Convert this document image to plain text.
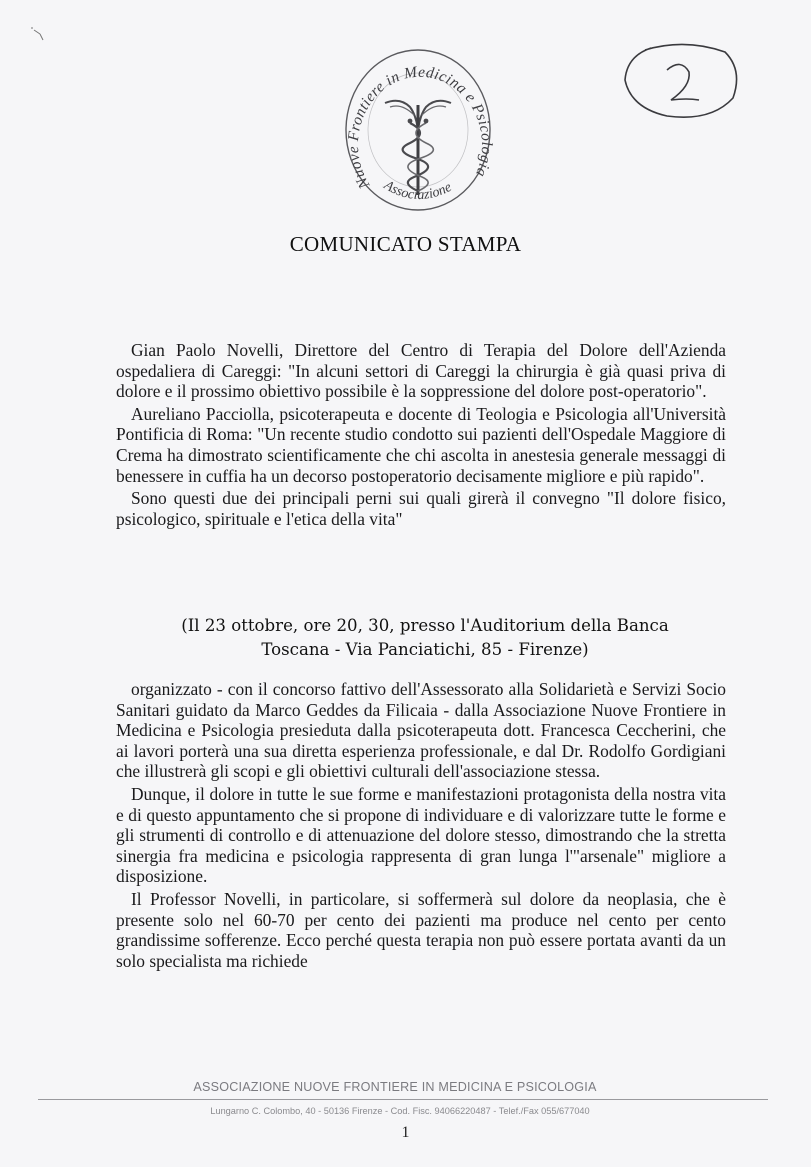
Nuove Frontiere in Medicina e Psicologia
Associazione
COMUNICATO STAMPA

Gian Paolo Novelli, Direttore del Centro di Terapia del Dolore dell'Azienda ospedaliera di Careggi: "In alcuni settori di Careggi la chirurgia è già quasi priva di dolore e il prossimo obiettivo possibile è la soppressione del dolore post-operatorio".

Aureliano Pacciolla, psicoterapeuta e docente di Teologia e Psicologia all'Università Pontificia di Roma: "Un recente studio condotto sui pazienti dell'Ospedale Maggiore di Crema ha dimostrato scientificamente che chi ascolta in anestesia generale messaggi di benessere in cuffia ha un decorso postoperatorio decisamente migliore e più rapido".

Sono questi due dei principali perni sui quali girerà il convegno "Il dolore fisico, psicologico, spirituale e l'etica della vita"

(Il 23 ottobre, ore 20, 30, presso l'Auditorium della Banca
Toscana - Via Panciatichi, 85 - Firenze)

organizzato - con il concorso fattivo dell'Assessorato alla Solidarietà e Servizi Socio Sanitari guidato da Marco Geddes da Filicaia - dalla Associazione Nuove Frontiere in Medicina e Psicologia presieduta dalla psicoterapeuta dott. Francesca Ceccherini, che ai lavori porterà una sua diretta esperienza professionale, e dal Dr. Rodolfo Gordigiani che illustrerà gli scopi e gli obiettivi culturali dell'associazione stessa.

Dunque, il dolore in tutte le sue forme e manifestazioni protagonista della nostra vita e di questo appuntamento che si propone di individuare e di valorizzare tutte le forme e gli strumenti di controllo e di attenuazione del dolore stesso, dimostrando che la stretta sinergia fra medicina e psicologia rappresenta di gran lunga l'"arsenale" migliore a disposizione.

Il Professor Novelli, in particolare, si soffermerà sul dolore da neoplasia, che è presente solo nel 60-70 per cento dei pazienti ma produce nel cento per cento grandissime sofferenze. Ecco perché questa terapia non può essere portata avanti da un solo specialista ma richiede

ASSOCIAZIONE NUOVE FRONTIERE IN MEDICINA E PSICOLOGIA
Lungarno C. Colombo, 40 - 50136 Firenze - Cod. Fisc. 94066220487 - Telef./Fax 055/677040
1
